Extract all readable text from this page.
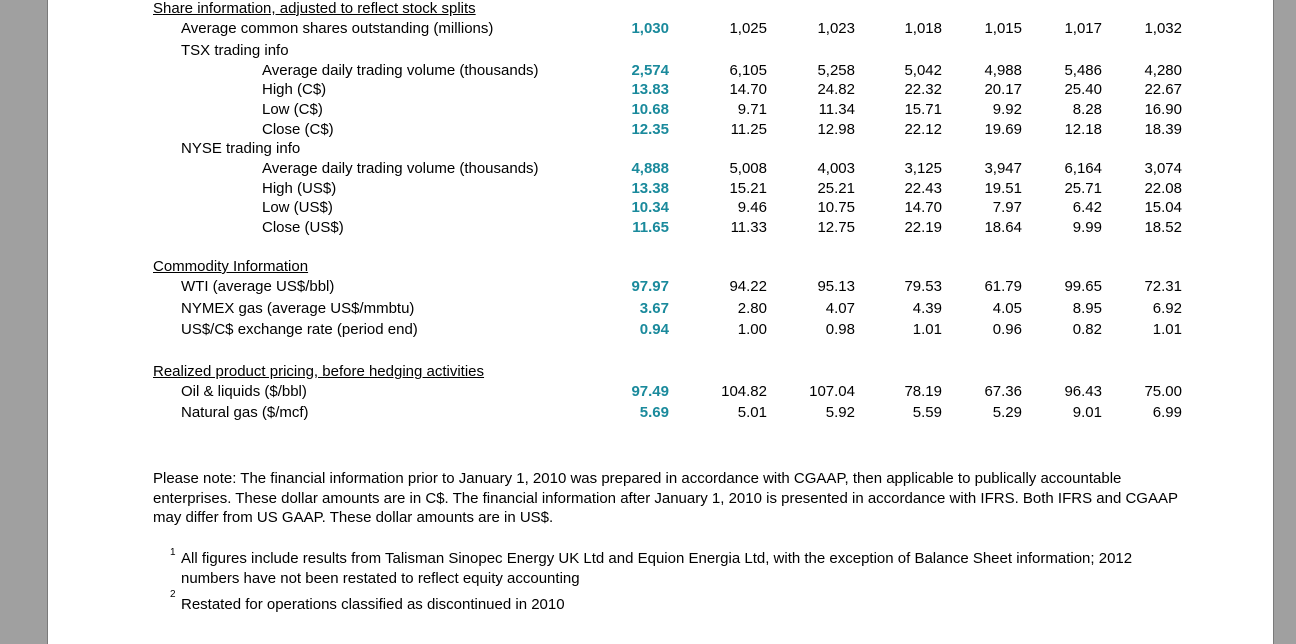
Please note: The financial information prior to January 1, 2010 was prepared in accordance with CGAAP, then applicable to publically accountable enterprises. These dollar amounts are in C$. The financial information after January 1, 2010 is presented in accordance with IFRS. Both IFRS and CGAAP may differ from US GAAP. These dollar amounts are in US$.
1 All figures include results from Talisman Sinopec Energy UK Ltd and Equion Energia Ltd, with the exception of Balance Sheet information; 2012 numbers have not been restated to reflect equity accounting
2
Restated for operations classified as discontinued in 2010
Share information, adjusted to reflect stock splits
Average common shares outstanding (millions)	1,030	1,025	1,023	1,018	1,015	1,017	1,032
TSX trading info
Average daily trading volume (thousands)	2,574	6,105	5,258	5,042	4,988	5,486	4,280
High (C$)	13.83	14.70	24.82	22.32	20.17	25.40	22.67
Low (C$)	10.68	9.71	11.34	15.71	9.92	8.28	16.90
Close (C$)	12.35	11.25	12.98	22.12	19.69	12.18	18.39
NYSE trading info
Average daily trading volume (thousands)	4,888	5,008	4,003	3,125	3,947	6,164	3,074
High (US$)	13.38	15.21	25.21	22.43	19.51	25.71	22.08
Low (US$)	10.34	9.46	10.75	14.70	7.97	6.42	15.04
Close (US$)	11.65	11.33	12.75	22.19	18.64	9.99	18.52
Commodity Information
WTI (average US$/bbl)	97.97	94.22	95.13	79.53	61.79	99.65	72.31
NYMEX gas (average US$/mmbtu)	3.67	2.80	4.07	4.39	4.05	8.95	6.92
US$/C$ exchange rate (period end)	0.94	1.00	0.98	1.01	0.96	0.82	1.01
Realized product pricing, before hedging activities
Oil & liquids ($/bbl)	97.49	104.82	107.04	78.19	67.36	96.43	75.00
Natural gas ($/mcf)	5.69	5.01	5.92	5.59	5.29	9.01	6.99
